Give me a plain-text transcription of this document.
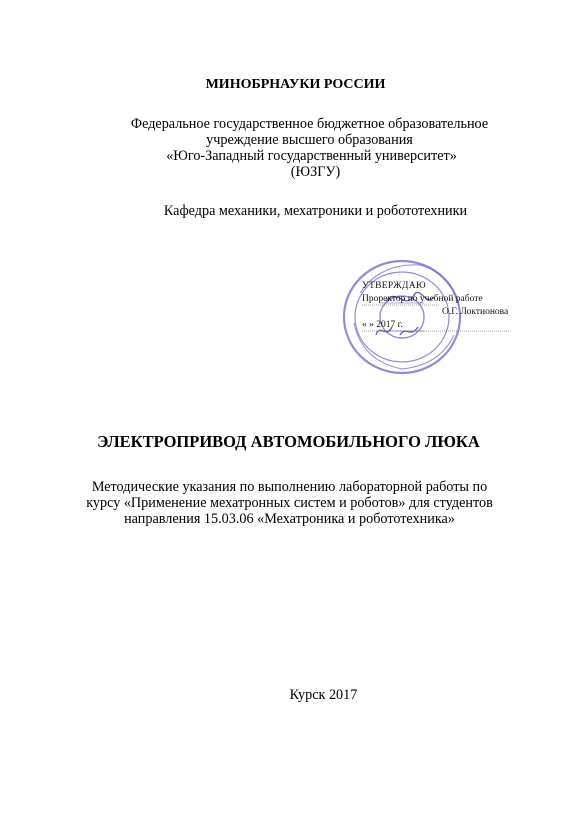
МИНОБРНАУКИ РОССИИ
Федеральное государственное бюджетное образовательное
учреждение высшего образования
«Юго-Западный государственный университет»
(ЮЗГУ)
Кафедра механики, мехатроники и робототехники
· · · · · · · ·
· · · · · · · · ·
УТВЕРЖДАЮ
Проректор по учебной работе
О.Г. Локтионова
« » 2017 г.
ЭЛЕКТРОПРИВОД АВТОМОБИЛЬНОГО ЛЮКА
Методические указания по выполнению лабораторной работы по
курсу «Применение мехатронных систем и роботов» для студентов
направления 15.03.06 «Мехатроника и робототехника»
Курск 2017
